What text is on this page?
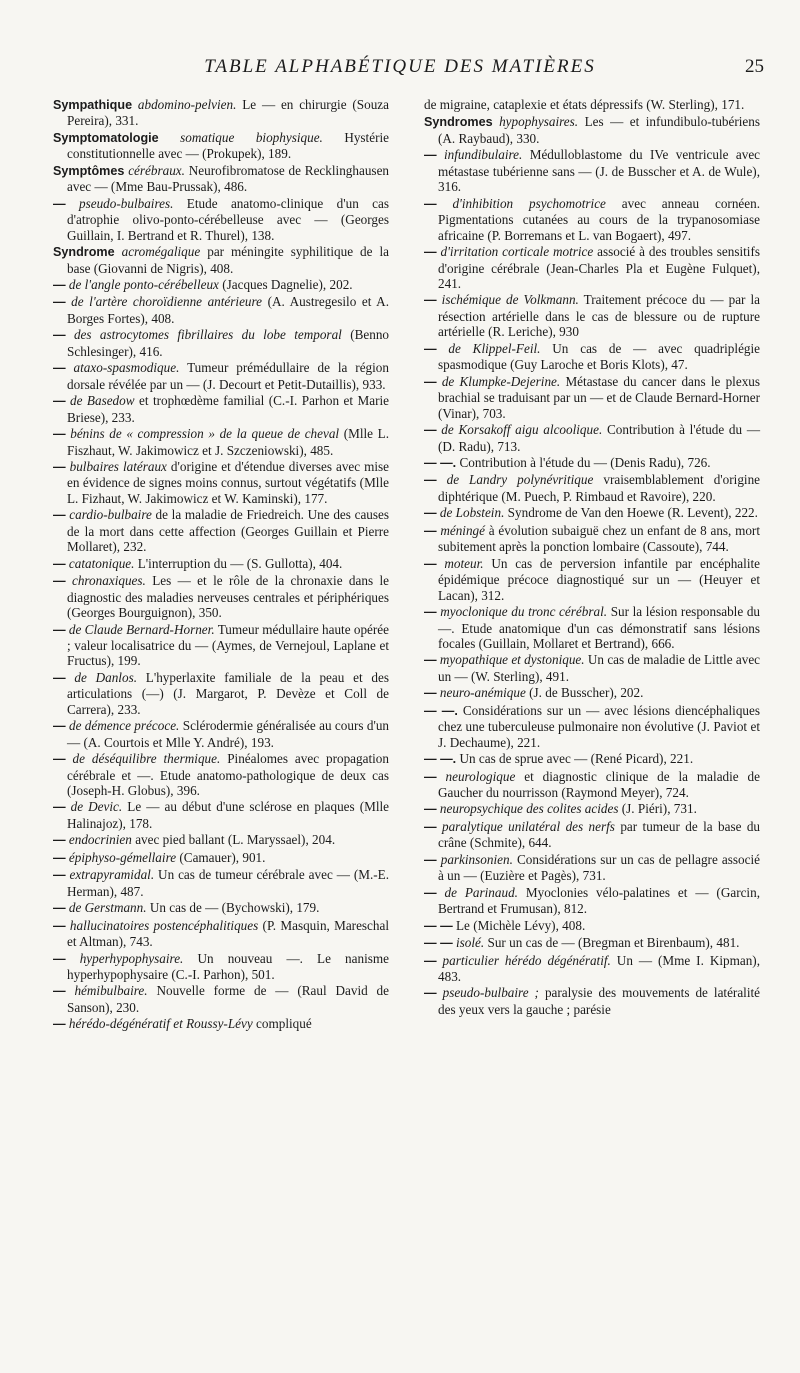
TABLE ALPHABÉTIQUE DES MATIÈRES	25

Sympathique abdomino-pelvien. Le — en chirurgie (Souza Pereira), 331.

Symptomatologie somatique biophysique. Hystérie constitutionnelle avec — (Prokupek), 189.

Symptômes cérébraux. Neurofibromatose de Recklinghausen avec — (Mme Bau-Prussak), 486.

— pseudo-bulbaires. Etude anatomo-clinique d'un cas d'atrophie olivo-ponto-cérébelleuse avec — (Georges Guillain, I. Bertrand et R. Thurel), 138.

Syndrome acromégalique par méningite syphilitique de la base (Giovanni de Nigris), 408.

— de l'angle ponto-cérébelleux (Jacques Dagnelie), 202.

— de l'artère choroïdienne antérieure (A. Austregesilo et A. Borges Fortes), 408.

— des astrocytomes fibrillaires du lobe temporal (Benno Schlesinger), 416.

— ataxo-spasmodique. Tumeur prémédullaire de la région dorsale révélée par un — (J. Decourt et Petit-Dutaillis), 933.

— de Basedow et trophœdème familial (C.-I. Parhon et Marie Briese), 233.

— bénins de « compression » de la queue de cheval (Mlle L. Fiszhaut, W. Jakimowicz et J. Szczeniowski), 485.

— bulbaires latéraux d'origine et d'étendue diverses avec mise en évidence de signes moins connus, surtout végétatifs (Mlle L. Fizhaut, W. Jakimowicz et W. Kaminski), 177.

— cardio-bulbaire de la maladie de Friedreich. Une des causes de la mort dans cette affection (Georges Guillain et Pierre Mollaret), 232.

— catatonique. L'interruption du — (S. Gullotta), 404.

— chronaxiques. Les — et le rôle de la chronaxie dans le diagnostic des maladies nerveuses centrales et périphériques (Georges Bourguignon), 350.

— de Claude Bernard-Horner. Tumeur médullaire haute opérée ; valeur localisatrice du — (Aymes, de Vernejoul, Laplane et Fructus), 199.

— de Danlos. L'hyperlaxite familiale de la peau et des articulations (—) (J. Margarot, P. Devèze et Coll de Carrera), 233.

— de démence précoce. Sclérodermie généralisée au cours d'un — (A. Courtois et Mlle Y. André), 193.

— de déséquilibre thermique. Pinéalomes avec propagation cérébrale et —. Etude anatomo-pathologique de deux cas (Joseph-H. Globus), 396.

— de Devic. Le — au début d'une sclérose en plaques (Mlle Halinajoz), 178.

— endocrinien avec pied ballant (L. Maryssael), 204.

— épiphyso-gémellaire (Camauer), 901.

— extrapyramidal. Un cas de tumeur cérébrale avec — (M.-E. Herman), 487.

— de Gerstmann. Un cas de — (Bychowski), 179.

— hallucinatoires postencéphalitiques (P. Masquin, Mareschal et Altman), 743.

— hyperhypophysaire. Un nouveau —. Le nanisme hyperhypophysaire (C.-I. Parhon), 501.

— hémibulbaire. Nouvelle forme de — (Raul David de Sanson), 230.

— hérédo-dégénératif et Roussy-Lévy compliqué

de migraine, cataplexie et états dépressifs (W. Sterling), 171.

Syndromes hypophysaires. Les — et infundibulo-tubériens (A. Raybaud), 330.

— infundibulaire. Médulloblastome du IVe ventricule avec métastase tubérienne sans — (J. de Busscher et A. de Wule), 316.

— d'inhibition psychomotrice avec anneau cornéen. Pigmentations cutanées au cours de la trypanosomiase africaine (P. Borremans et L. van Bogaert), 497.

— d'irritation corticale motrice associé à des troubles sensitifs d'origine cérébrale (Jean-Charles Pla et Eugène Fulquet), 241.

— ischémique de Volkmann. Traitement précoce du — par la résection artérielle dans le cas de blessure ou de rupture artérielle (R. Leriche), 930

— de Klippel-Feil. Un cas de — avec quadriplégie spasmodique (Guy Laroche et Boris Klots), 47.

— de Klumpke-Dejerine. Métastase du cancer dans le plexus brachial se traduisant par un — et de Claude Bernard-Horner (Vinar), 703.

— de Korsakoff aigu alcoolique. Contribution à l'étude du — (D. Radu), 713.

— —. Contribution à l'étude du — (Denis Radu), 726.

— de Landry polynévritique vraisemblablement d'origine diphtérique (M. Puech, P. Rimbaud et Ravoire), 220.

— de Lobstein. Syndrome de Van den Hoewe (R. Levent), 222.

— méningé à évolution subaiguë chez un enfant de 8 ans, mort subitement après la ponction lombaire (Cassoute), 744.

— moteur. Un cas de perversion infantile par encéphalite épidémique précoce diagnostiqué sur un — (Heuyer et Lacan), 312.

— myoclonique du tronc cérébral. Sur la lésion responsable du —. Etude anatomique d'un cas démonstratif sans lésions focales (Guillain, Mollaret et Bertrand), 666.

— myopathique et dystonique. Un cas de maladie de Little avec un — (W. Sterling), 491.

— neuro-anémique (J. de Busscher), 202.

— —. Considérations sur un — avec lésions diencéphaliques chez une tuberculeuse pulmonaire non évolutive (J. Paviot et J. Dechaume), 221.

— —. Un cas de sprue avec — (René Picard), 221.

— neurologique et diagnostic clinique de la maladie de Gaucher du nourrisson (Raymond Meyer), 724.

— neuropsychique des colites acides (J. Piéri), 731.

— paralytique unilatéral des nerfs par tumeur de la base du crâne (Schmite), 644.

— parkinsonien. Considérations sur un cas de pellagre associé à un — (Euzière et Pagès), 731.

— de Parinaud. Myoclonies vélo-palatines et — (Garcin, Bertrand et Frumusan), 812.

— — Le (Michèle Lévy), 408.

— — isolé. Sur un cas de — (Bregman et Birenbaum), 481.

— particulier hérédo dégénératif. Un — (Mme I. Kipman), 483.

— pseudo-bulbaire ; paralysie des mouvements de latéralité des yeux vers la gauche ; parésie
